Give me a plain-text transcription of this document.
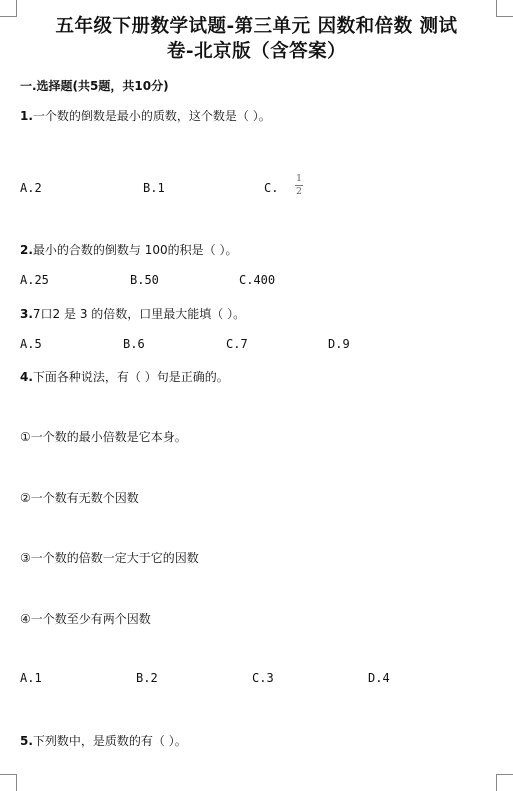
五年级下册数学试题-第三单元 因数和倍数 测试
卷-北京版（含答案）
一.选择题(共5题，共10分)
1.一个数的倒数是最小的质数，这个数是（ ）。
A.2	B.1	C. $\frac{1}{2}$
2.最小的合数的倒数与 100的积是（ ）。
A.25	B.50	C.400
3.7口2 是 3 的倍数，口里最大能填（ ）。
A.5	B.6	C.7	D.9
4.下面各种说法，有（ ）句是正确的。
①一个数的最小倍数是它本身。
②一个数有无数个因数
③一个数的倍数一定大于它的因数
④一个数至少有两个因数
A.1	B.2	C.3	D.4
5.下列数中，是质数的有（ ）。
